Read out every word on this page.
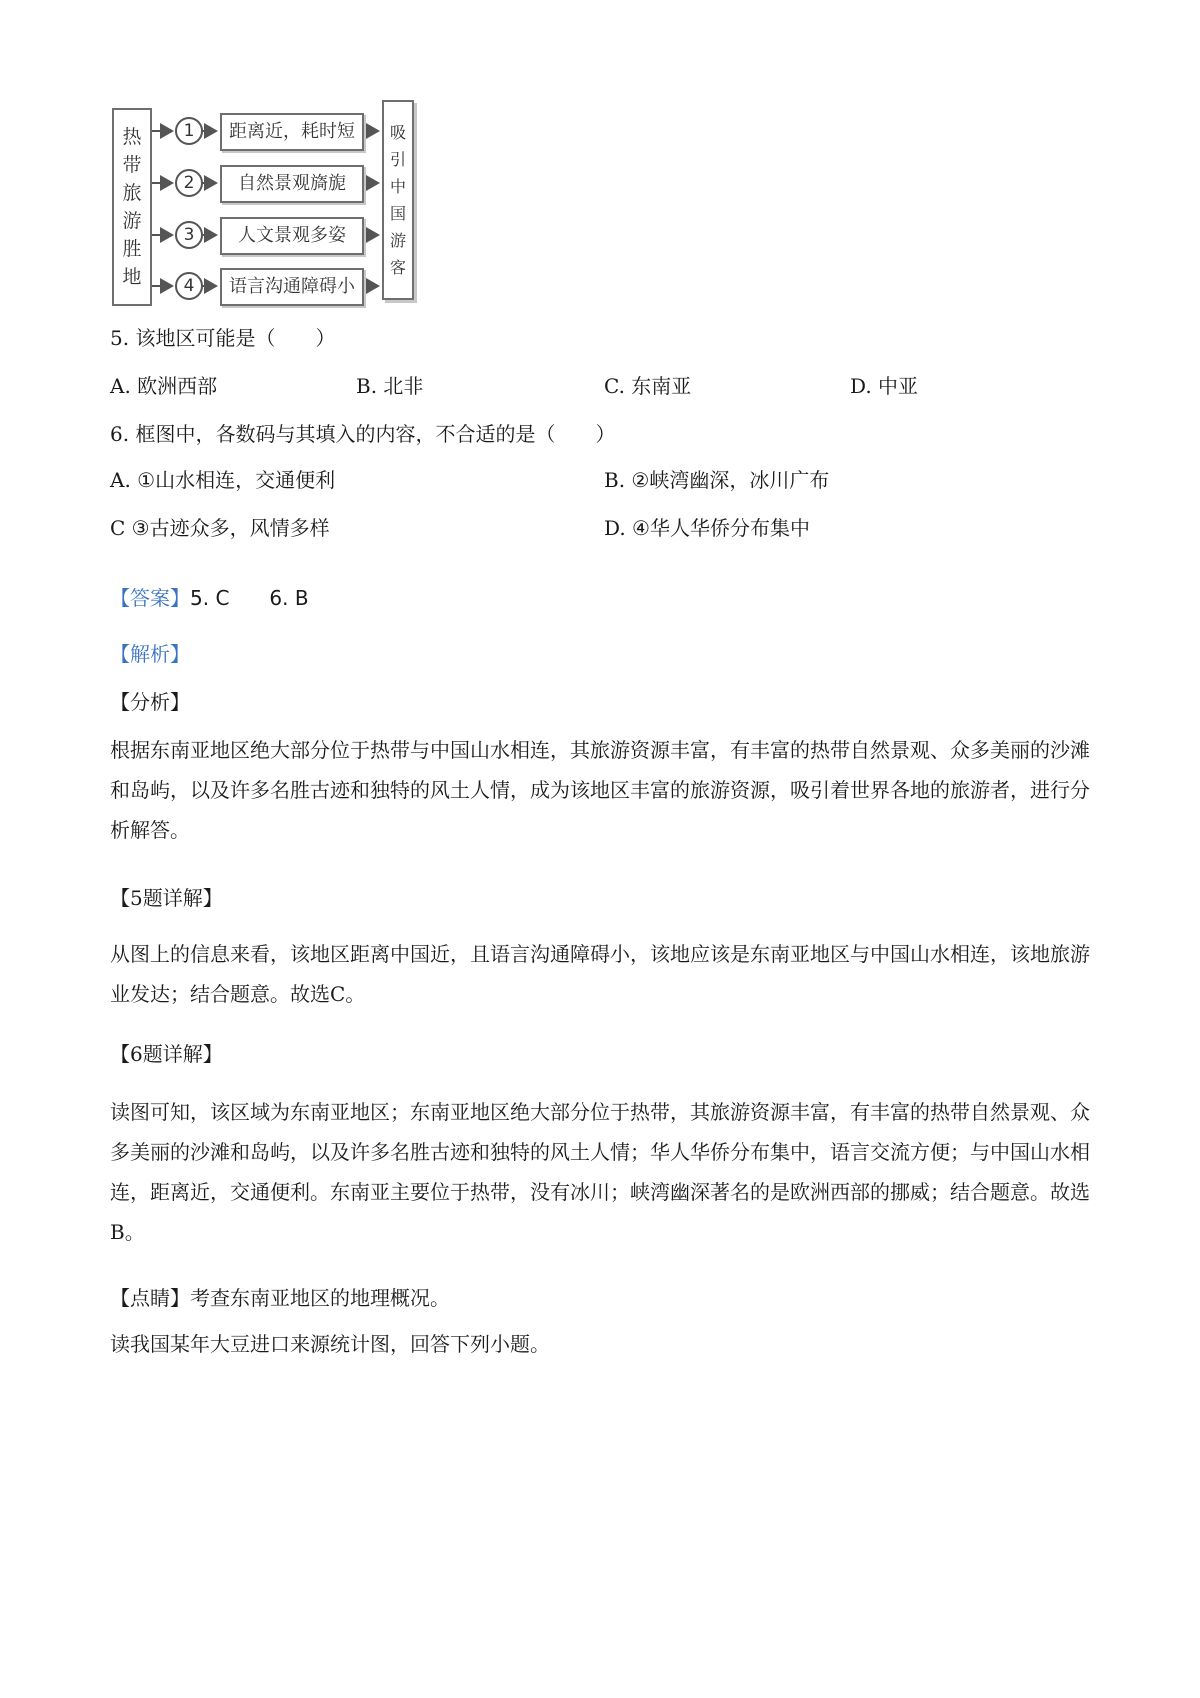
热
带
旅
游
胜
地
1
2
3
4
距离近，耗时短
自然景观旖旎
人文景观多姿
语言沟通障碍小
吸
引
中
国
游
客
5. 该地区可能是（　　）
A. 欧洲西部	B. 北非	C. 东南亚	D. 中亚
6. 框图中，各数码与其填入的内容，不合适的是（　　）
A. ①山水相连，交通便利	B. ②峡湾幽深，冰川广布
C ③古迹众多，风情多样	D. ④华人华侨分布集中
【答案】5. C　　6. B
【解析】
【分析】
根据东南亚地区绝大部分位于热带与中国山水相连，其旅游资源丰富，有丰富的热带自然景观、众多美丽的沙滩和岛屿，以及许多名胜古迹和独特的风土人情，成为该地区丰富的旅游资源，吸引着世界各地的旅游者，进行分析解答。
【5题详解】
从图上的信息来看，该地区距离中国近，且语言沟通障碍小，该地应该是东南亚地区与中国山水相连，该地旅游业发达；结合题意。故选C。
【6题详解】
读图可知，该区域为东南亚地区；东南亚地区绝大部分位于热带，其旅游资源丰富，有丰富的热带自然景观、众多美丽的沙滩和岛屿，以及许多名胜古迹和独特的风土人情；华人华侨分布集中，语言交流方便；与中国山水相连，距离近，交通便利。东南亚主要位于热带，没有冰川；峡湾幽深著名的是欧洲西部的挪威；结合题意。故选B。
【点睛】考查东南亚地区的地理概况。
读我国某年大豆进口来源统计图，回答下列小题。
